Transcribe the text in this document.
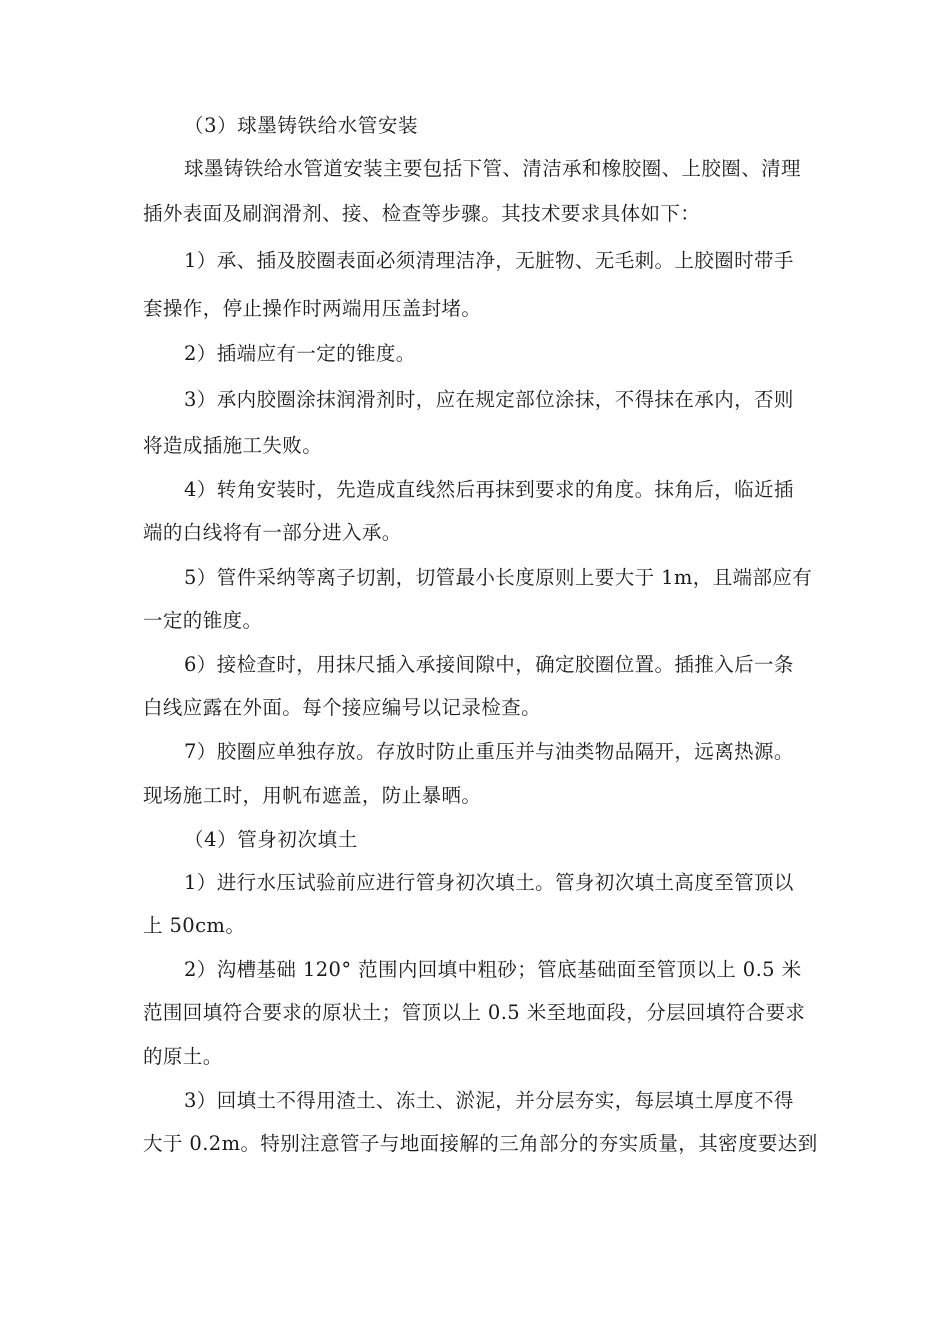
（3）球墨铸铁给水管安装
球墨铸铁给水管道安装主要包括下管、清洁承和橡胶圈、上胶圈、清理
插外表面及刷润滑剂、接、检查等步骤。其技术要求具体如下：
1）承、插及胶圈表面必须清理洁净，无脏物、无毛刺。上胶圈时带手
套操作，停止操作时两端用压盖封堵。
2）插端应有一定的锥度。
3）承内胶圈涂抹润滑剂时，应在规定部位涂抹，不得抹在承内，否则
将造成插施工失败。
4）转角安装时，先造成直线然后再抹到要求的角度。抹角后，临近插
端的白线将有一部分进入承。
5）管件采纳等离子切割，切管最小长度原则上要大于 1m，且端部应有
一定的锥度。
6）接检查时，用抹尺插入承接间隙中，确定胶圈位置。插推入后一条
白线应露在外面。每个接应编号以记录检查。
7）胶圈应单独存放。存放时防止重压并与油类物品隔开，远离热源。
现场施工时，用帆布遮盖，防止暴晒。
（4）管身初次填土
1）进行水压试验前应进行管身初次填土。管身初次填土高度至管顶以
上 50cm。
2）沟槽基础 120° 范围内回填中粗砂；管底基础面至管顶以上 0.5 米
范围回填符合要求的原状土；管顶以上 0.5 米至地面段，分层回填符合要求
的原土。
3）回填土不得用渣土、冻土、淤泥，并分层夯实，每层填土厚度不得
大于 0.2m。特别注意管子与地面接解的三角部分的夯实质量，其密度要达到
